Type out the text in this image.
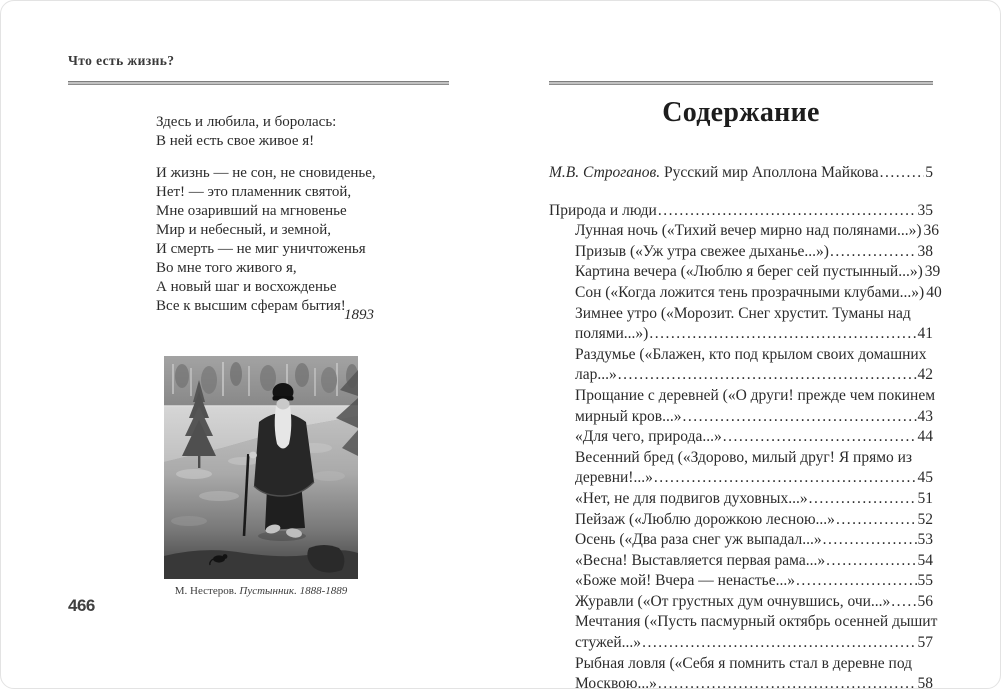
Что есть жизнь?
Здесь и любила, и боролась:
В ней есть свое живое я!
И жизнь — не сон, не сновиденье,
Нет! — это пламенник святой,
Мне озаривший на мгновенье
Мир и небесный, и земной,
И смерть — не миг уничтоженья
Во мне того живого я,
А новый шаг и восхожденье
Все к высшим сферам бытия!
1893
М. Нестеров. Пустынник. 1888-1889
466
Содержание
М.В. Строганов. Русский мир Аполлона Майкова .....	5
Природа и люди .....	35
Лунная ночь («Тихий вечер мирно над полянами...») 36
Призыв («Уж утра свежее дыханье...») .....	38
Картина вечера («Люблю я берег сей пустынный...») 39
Сон («Когда ложится тень прозрачными клубами...») 40
Зимнее утро («Морозит. Снег хрустит. Туманы над
полями...») .....	41
Раздумье («Блажен, кто под крылом своих домашних
лар...» .....	42
Прощание с деревней («О други! прежде чем покинем
мирный кров...» .....	43
«Для чего, природа...» .....	44
Весенний бред («Здорово, милый друг! Я прямо из
деревни!...» .....	45
«Нет, не для подвигов духовных...» .....	51
Пейзаж («Люблю дорожкою лесною...» .....	52
Осень («Два раза снег уж выпадал...» .....	53
«Весна! Выставляется первая рама...» .....	54
«Боже мой! Вчера — ненастье...» .....	55
Журавли («От грустных дум очнувшись, очи...» ..... 56
Мечтания («Пусть пасмурный октябрь осенней дышит
стужей...» .....	57
Рыбная ловля («Себя я помнить стал в деревне под
Москвою...» .....	58
